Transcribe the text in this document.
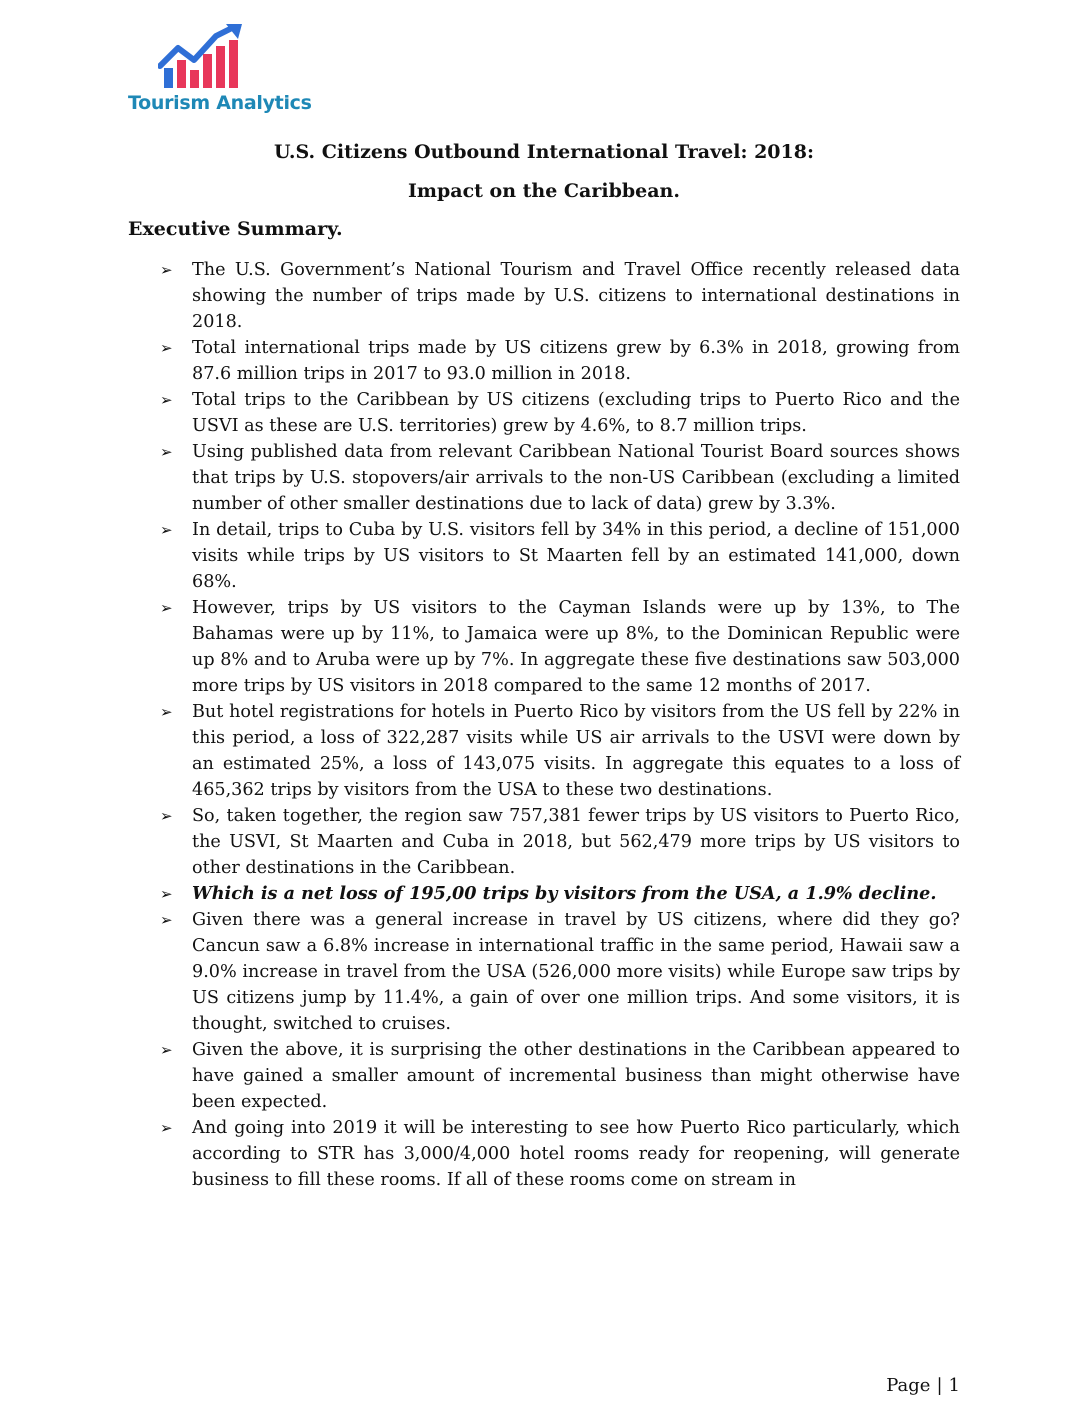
Tourism Analytics
U.S. Citizens Outbound International Travel: 2018:
Impact on the Caribbean.
Executive Summary.
➢ The U.S. Government’s National Tourism and Travel Office recently released data showing the number of trips made by U.S. citizens to international destinations in 2018.
➢ Total international trips made by US citizens grew by 6.3% in 2018, growing from 87.6 million trips in 2017 to 93.0 million in 2018.
➢ Total trips to the Caribbean by US citizens (excluding trips to Puerto Rico and the USVI as these are U.S. territories) grew by 4.6%, to 8.7 million trips.
➢ Using published data from relevant Caribbean National Tourist Board sources shows that trips by U.S. stopovers/air arrivals to the non-US Caribbean (excluding a limited number of other smaller destinations due to lack of data) grew by 3.3%.
➢ In detail, trips to Cuba by U.S. visitors fell by 34% in this period, a decline of 151,000 visits while trips by US visitors to St Maarten fell by an estimated 141,000, down 68%.
➢ However, trips by US visitors to the Cayman Islands were up by 13%, to The Bahamas were up by 11%, to Jamaica were up 8%, to the Dominican Republic were up 8% and to Aruba were up by 7%. In aggregate these five destinations saw 503,000 more trips by US visitors in 2018 compared to the same 12 months of 2017.
➢ But hotel registrations for hotels in Puerto Rico by visitors from the US fell by 22% in this period, a loss of 322,287 visits while US air arrivals to the USVI were down by an estimated 25%, a loss of 143,075 visits. In aggregate this equates to a loss of 465,362 trips by visitors from the USA to these two destinations.
➢ So, taken together, the region saw 757,381 fewer trips by US visitors to Puerto Rico, the USVI, St Maarten and Cuba in 2018, but 562,479 more trips by US visitors to other destinations in the Caribbean.
➢ Which is a net loss of 195,00 trips by visitors from the USA, a 1.9% decline.
➢ Given there was a general increase in travel by US citizens, where did they go? Cancun saw a 6.8% increase in international traffic in the same period, Hawaii saw a 9.0% increase in travel from the USA (526,000 more visits) while Europe saw trips by US citizens jump by 11.4%, a gain of over one million trips. And some visitors, it is thought, switched to cruises.
➢ Given the above, it is surprising the other destinations in the Caribbean appeared to have gained a smaller amount of incremental business than might otherwise have been expected.
➢ And going into 2019 it will be interesting to see how Puerto Rico particularly, which according to STR has 3,000/4,000 hotel rooms ready for reopening, will generate business to fill these rooms. If all of these rooms come on stream in
Page | 1
